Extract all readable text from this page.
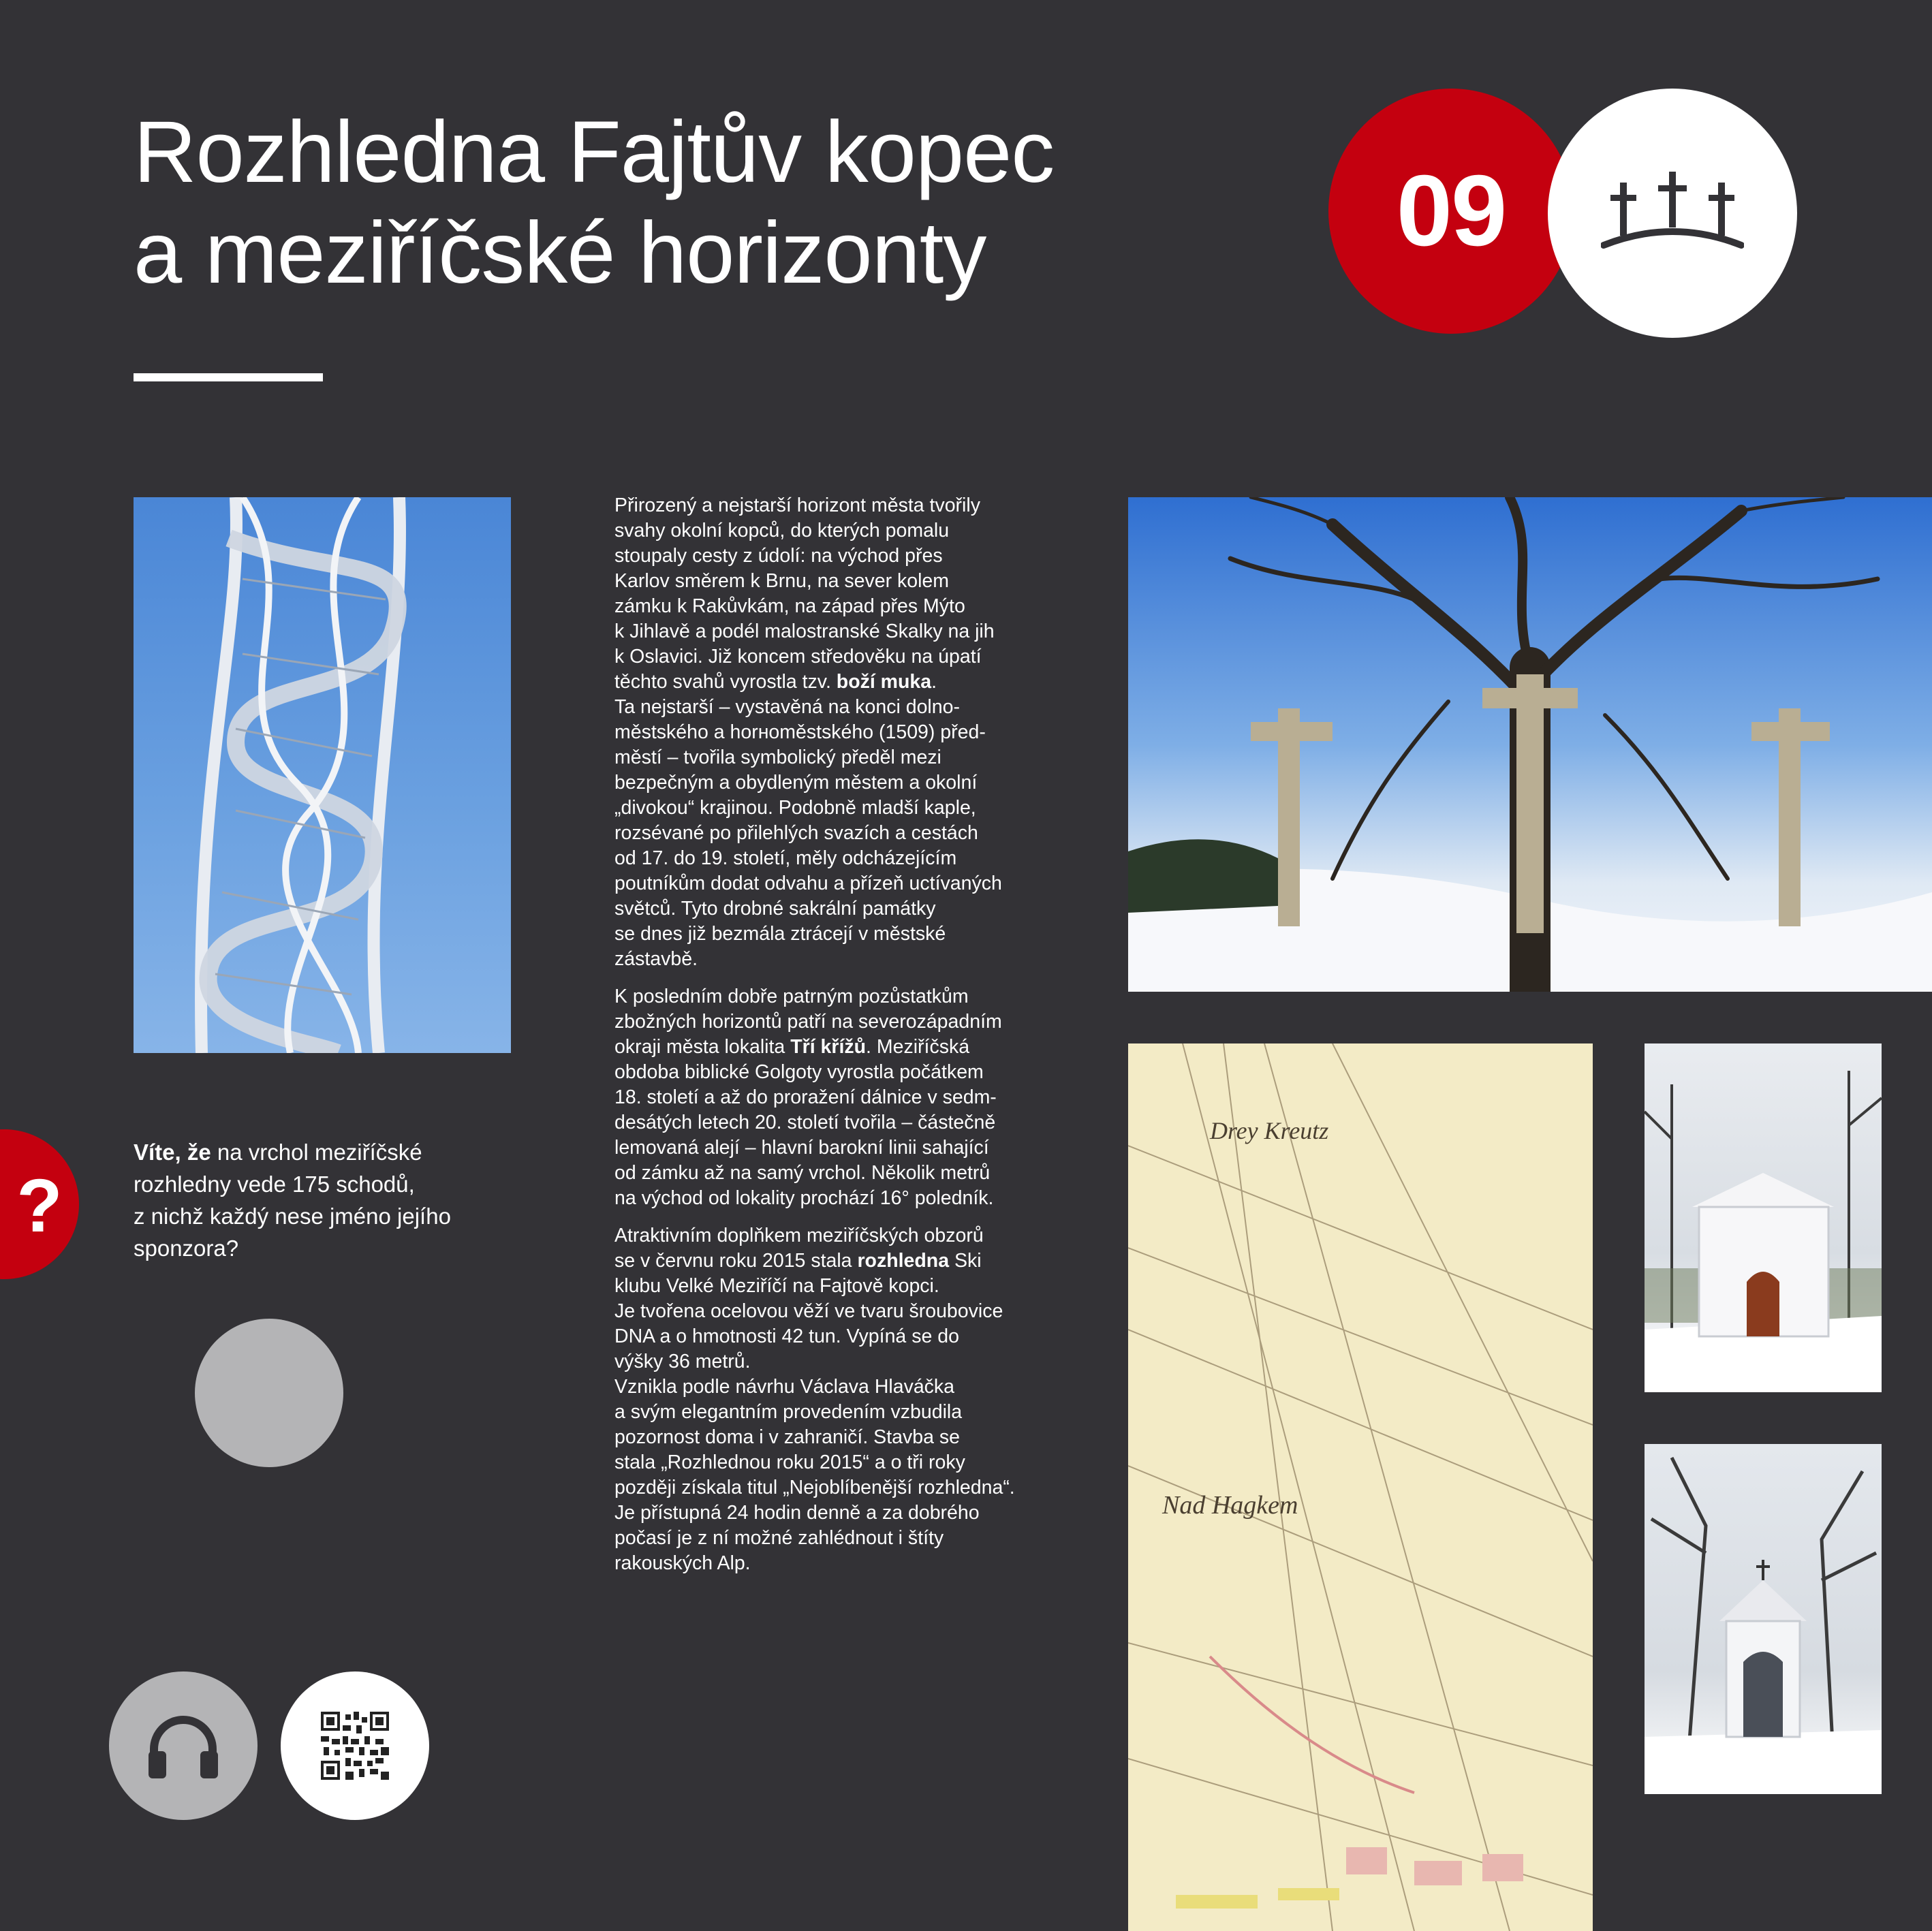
Rozhledna Fajtův kopec
a meziříčské horizonty	09

Přirozený a nejstarší horizont města tvořily
svahy okolní kopců, do kterých pomalu
stoupaly cesty z údolí: na východ přes
Karlov směrem k Brnu, na sever kolem
zámku k Rakůvkám, na západ přes Mýto
k Jihlavě a podél malostranské Skalky na jih
k Oslavici. Již koncem středověku na úpatí
těchto svahů vyrostla tzv. boží muka.
Ta nejstarší – vystavěná na konci dolno-
městského a horноměstského (1509) před-
městí – tvořila symbolický předěl mezi
bezpečným a obydleným městem a okolní
„divokou“ krajinou. Podobně mladší kaple,
rozsévané po přilehlých svazích a cestách
od 17. do 19. století, měly odcházejícím
poutníkům dodat odvahu a přízeň uctívaných
světců. Tyto drobné sakrální památky
se dnes již bezmála ztrácejí v městské
zástavbě.

K posledním dobře patrným pozůstatkům
zbožných horizontů patří na severozápadním
okraji města lokalita Tří křížů. Meziříčská
obdoba biblické Golgoty vyrostla počátkem
18. století a až do proražení dálnice v sedm-
desátých letech 20. století tvořila – částečně
lemovaná alejí – hlavní barokní linii sahající
od zámku až na samý vrchol. Několik metrů
na východ od lokality prochází 16° poledník.

Atraktivním doplňkem meziříčských obzorů
se v červnu roku 2015 stala rozhledna Ski
klubu Velké Meziříčí na Fajtově kopci.
Je tvořena ocelovou věží ve tvaru šroubovice
DNA a o hmotnosti 42 tun. Vypíná se do
výšky 36 metrů.
Vznikla podle návrhu Václava Hlaváčka
a svým elegantním provedením vzbudila
pozornost doma i v zahraničí. Stavba se
stala „Rozhlednou roku 2015“ a o tři roky
později získala titul „Nejoblíbenější rozhledna“.
Je přístupná 24 hodin denně a za dobrého
počasí je z ní možné zahlédnout i štíty
rakouských Alp.

Drey Kreutz
Nad Hagkem
?
Víte, že na vrchol meziříčské
rozhledny vede 175 schodů,
z nichž každý nese jméno jejího
sponzora?
